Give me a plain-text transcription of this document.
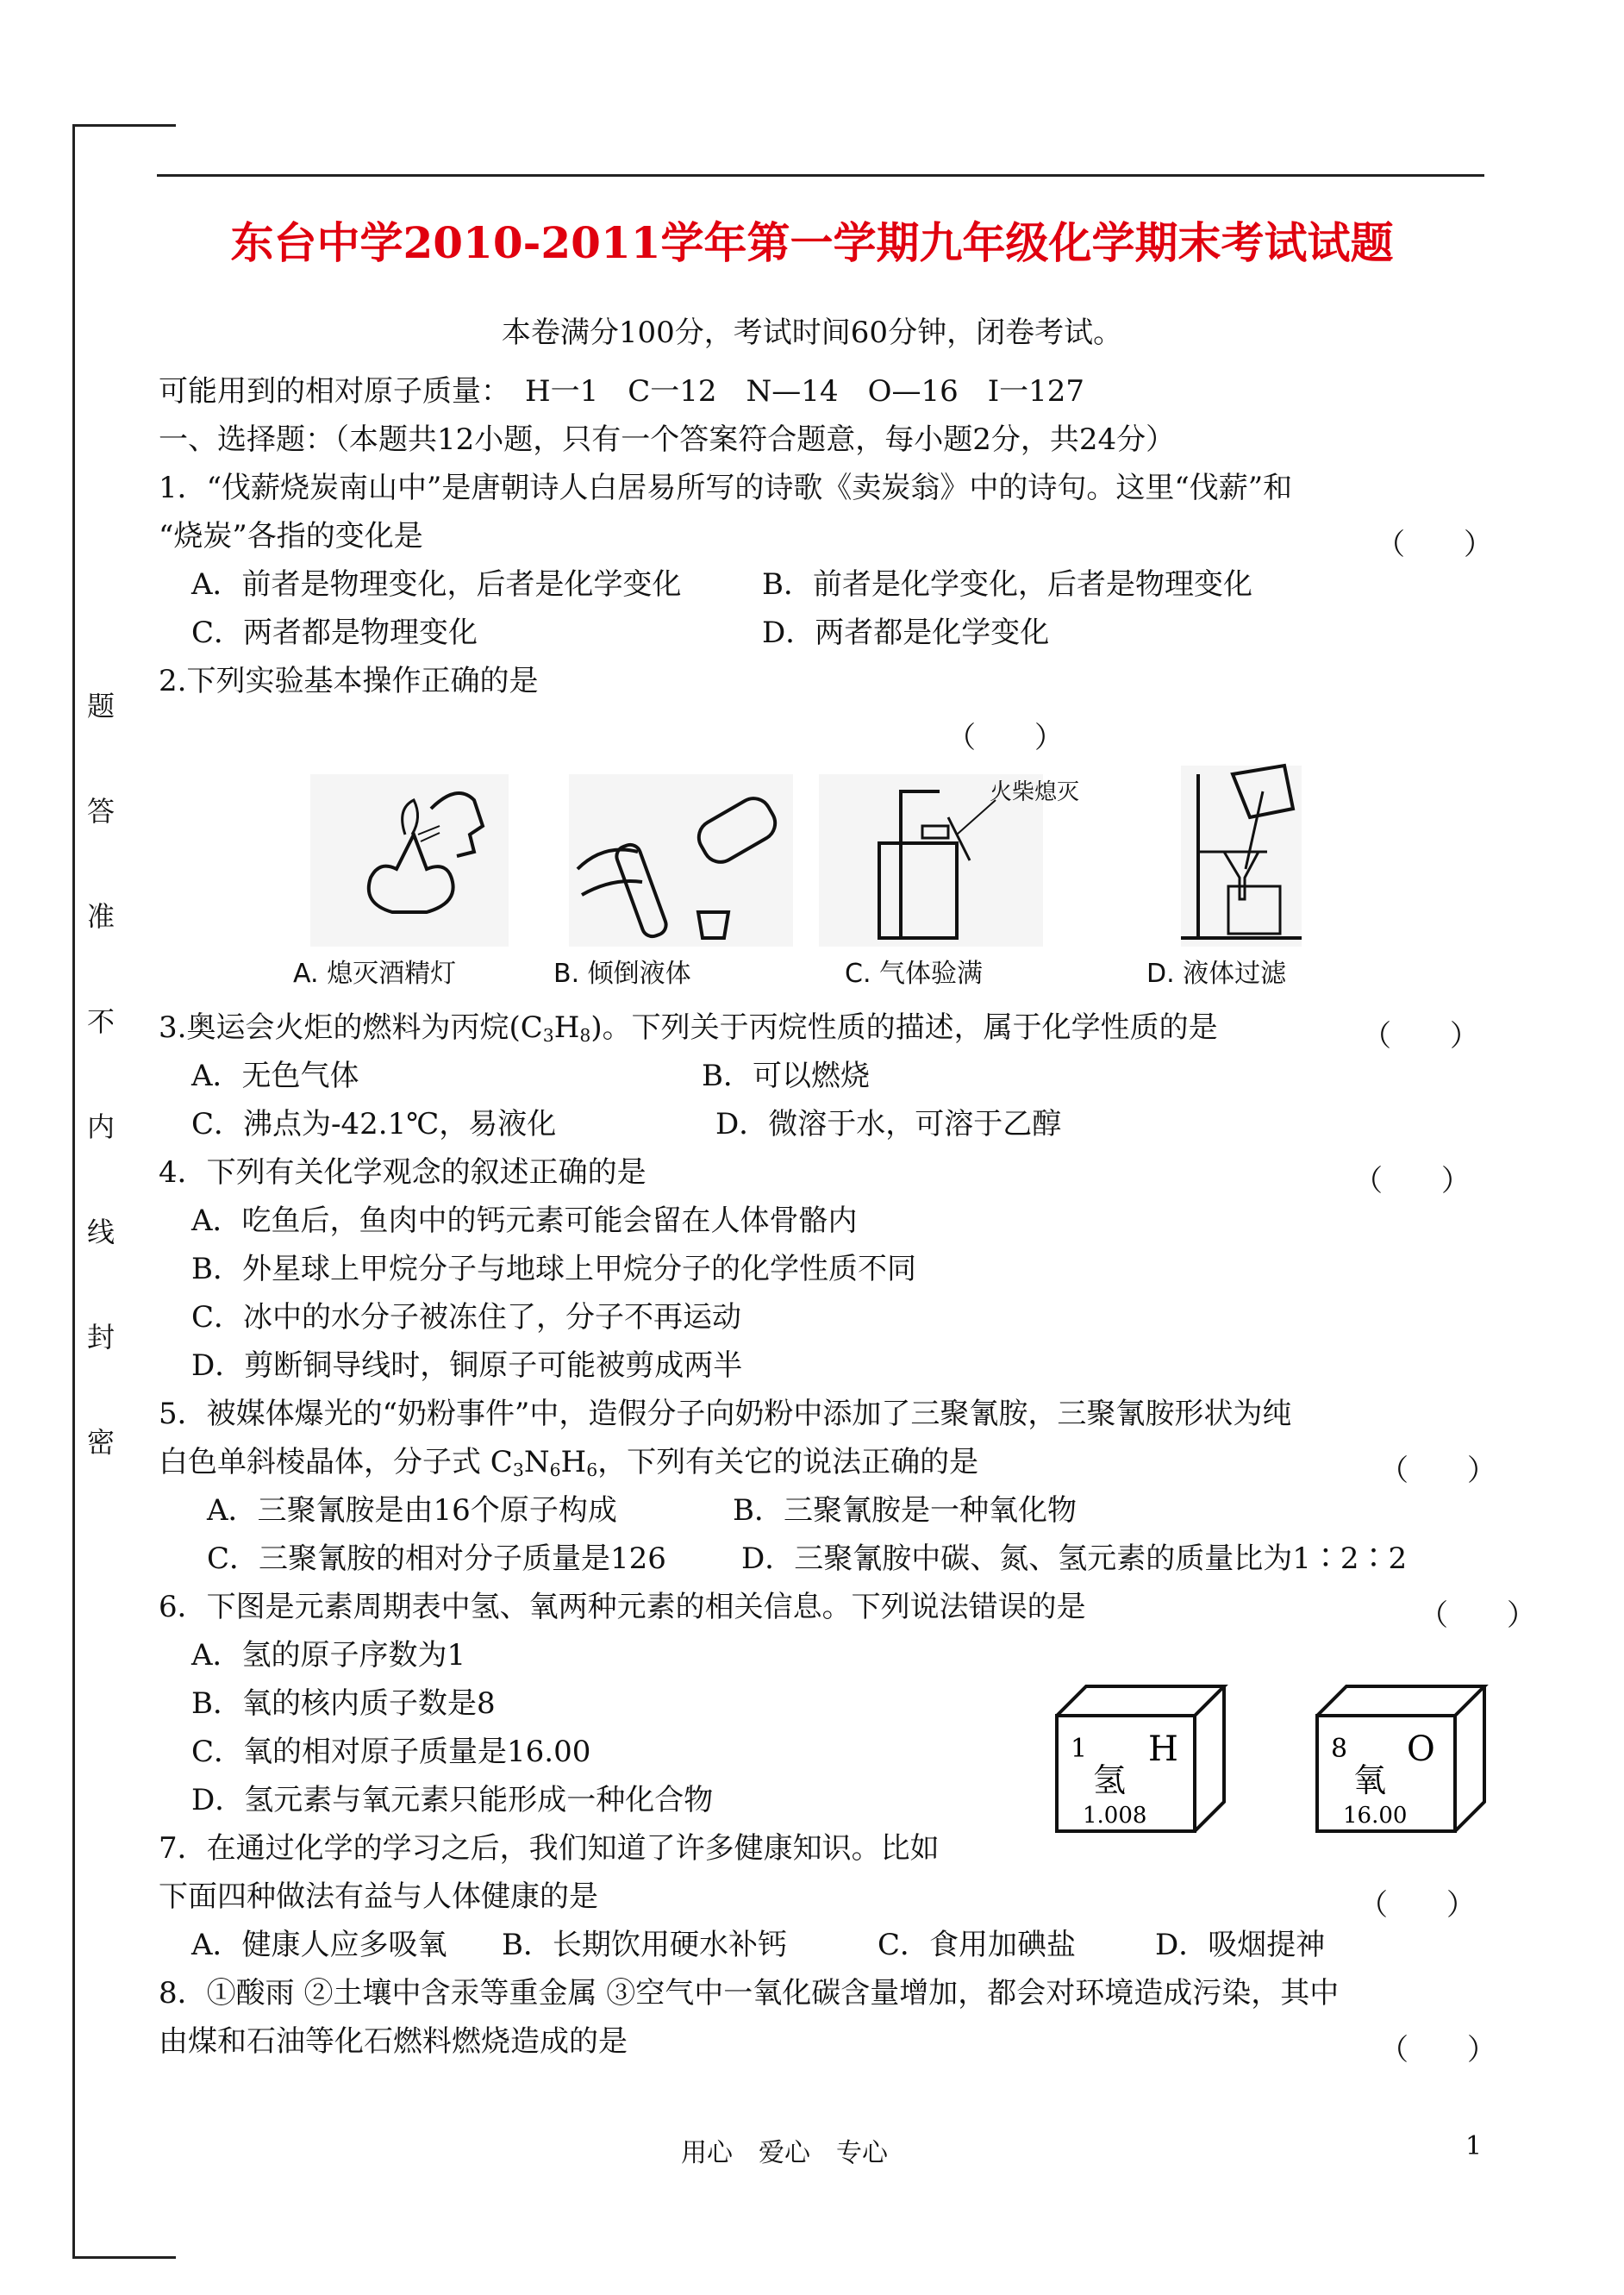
题
答
准
不
内
线
封
密
东台中学2010-2011学年第一学期九年级化学期末考试试题
本卷满分100分，考试时间60分钟，闭卷考试。
可能用到的相对原子质量：　H一1　C一12　N—14　O—16　I一127
一、选择题：（本题共12小题，只有一个答案符合题意，每小题2分，共24分）
1．“伐薪烧炭南山中”是唐朝诗人白居易所写的诗歌《卖炭翁》中的诗句。这里“伐薪”和
“烧炭”各指的变化是	（　　）
A．前者是物理变化，后者是化学变化	B．前者是化学变化，后者是物理变化
C．两者都是物理变化	D．两者都是化学变化
2.下列实验基本操作正确的是
（　　）
A. 熄灭酒精灯	B. 倾倒液体
火柴熄灭
C. 气体验满	D. 液体过滤
3.奥运会火炬的燃料为丙烷$(C_3H_8)$。下列关于丙烷性质的描述，属于化学性质的是	（　　）
A．无色气体	B．可以燃烧
C．沸点为-42.1℃，易液化	D．微溶于水，可溶于乙醇
4．下列有关化学观念的叙述正确的是	（　　）
A．吃鱼后，鱼肉中的钙元素可能会留在人体骨骼内
B．外星球上甲烷分子与地球上甲烷分子的化学性质不同
C．冰中的水分子被冻住了，分子不再运动
D．剪断铜导线时，铜原子可能被剪成两半
5．被媒体爆光的“奶粉事件”中，造假分子向奶粉中添加了三聚氰胺，三聚氰胺形状为纯
白色单斜棱晶体，分子式 $C_3N_6H_6$，下列有关它的说法正确的是	（　　）
A．三聚氰胺是由16个原子构成	B．三聚氰胺是一种氧化物
C．三聚氰胺的相对分子质量是126	D．三聚氰胺中碳、氮、氢元素的质量比为1∶2∶2
6．下图是元素周期表中氢、氧两种元素的相关信息。下列说法错误的是	（　　）
A．氢的原子序数为1
B．氧的核内质子数是8
C．氧的相对原子质量是16.00
D．氢元素与氧元素只能形成一种化合物
1 H
氢
1.008
8 O
氧
16.00
7．在通过化学的学习之后，我们知道了许多健康知识。比如
下面四种做法有益与人体健康的是	（　　）
A．健康人应多吸氧 B．长期饮用硬水补钙	C．食用加碘盐	D．吸烟提神
8．①酸雨 ②土壤中含汞等重金属 ③空气中一氧化碳含量增加，都会对环境造成污染，其中
由煤和石油等化石燃料燃烧造成的是	（　　）
用心　爱心　专心	1
